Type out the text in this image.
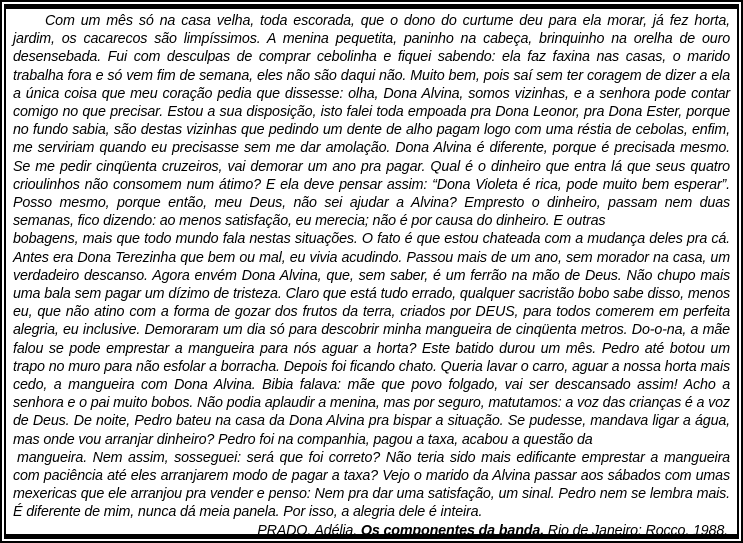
Com um mês só na casa velha, toda escorada, que o dono do curtume deu para ela morar, já fez horta, jardim, os cacarecos são limpíssimos. A menina pequetita, paninho na cabeça, brinquinho na orelha de ouro desensebada. Fui com desculpas de comprar cebolinha e fiquei sabendo: ela faz faxina nas casas, o marido trabalha fora e só vem fim de semana, eles não são daqui não. Muito bem, pois saí sem ter coragem de dizer a ela a única coisa que meu coração pedia que dissesse: olha, Dona Alvina, somos vizinhas, e a senhora pode contar comigo no que precisar. Estou a sua disposição, isto falei toda empoada pra Dona Leonor, pra Dona Ester, porque no fundo sabia, são destas vizinhas que pedindo um dente de alho pagam logo com uma réstia de cebolas, enfim, me serviriam quando eu precisasse sem me dar amolação. Dona Alvina é diferente, porque é precisada mesmo. Se me pedir cinqüenta cruzeiros, vai demorar um ano pra pagar. Qual é o dinheiro que entra lá que seus quatro crioulinhos não consomem num átimo? E ela deve pensar assim: “Dona Violeta é rica, pode muito bem esperar”. Posso mesmo, porque então, meu Deus, não sei ajudar a Alvina? Empresto o dinheiro, passam nem duas semanas, fico dizendo: ao menos satisfação, eu merecia; não é por causa do dinheiro. E outras

bobagens, mais que todo mundo fala nestas situações. O fato é que estou chateada com a mudança deles pra cá. Antes era Dona Terezinha que bem ou mal, eu vivia acudindo. Passou mais de um ano, sem morador na casa, um verdadeiro descanso. Agora envém Dona Alvina, que, sem saber, é um ferrão na mão de Deus. Não chupo mais uma bala sem pagar um dízimo de tristeza. Claro que está tudo errado, qualquer sacristão bobo sabe disso, menos eu, que não atino com a forma de gozar dos frutos da terra, criados por DEUS, para todos comerem em perfeita alegria, eu inclusive. Demoraram um dia só para descobrir minha mangueira de cinqüenta metros. Do-o-na, a mãe falou se pode emprestar a mangueira para nós aguar a horta? Este batido durou um mês. Pedro até botou um trapo no muro para não esfolar a borracha. Depois foi ficando chato. Queria lavar o carro, aguar a nossa horta mais cedo, a mangueira com Dona Alvina. Bibia falava: mãe que povo folgado, vai ser descansado assim! Acho a senhora e o pai muito bobos. Não podia aplaudir a menina, mas por seguro, matutamos: a voz das crianças é a voz de Deus. De noite, Pedro bateu na casa da Dona Alvina pra bispar a situação. Se pudesse, mandava ligar a água, mas onde vou arranjar dinheiro? Pedro foi na companhia, pagou a taxa, acabou a questão da

mangueira. Nem assim, sosseguei: será que foi correto? Não teria sido mais edificante emprestar a mangueira com paciência até eles arranjarem modo de pagar a taxa? Vejo o marido da Alvina passar aos sábados com umas mexericas que ele arranjou pra vender e penso: Nem pra dar uma satisfação, um sinal. Pedro nem se lembra mais. É diferente de mim, nunca dá meia panela. Por isso, a alegria dele é inteira.

PRADO, Adélia. Os componentes da banda. Rio de Janeiro: Rocco, 1988.
